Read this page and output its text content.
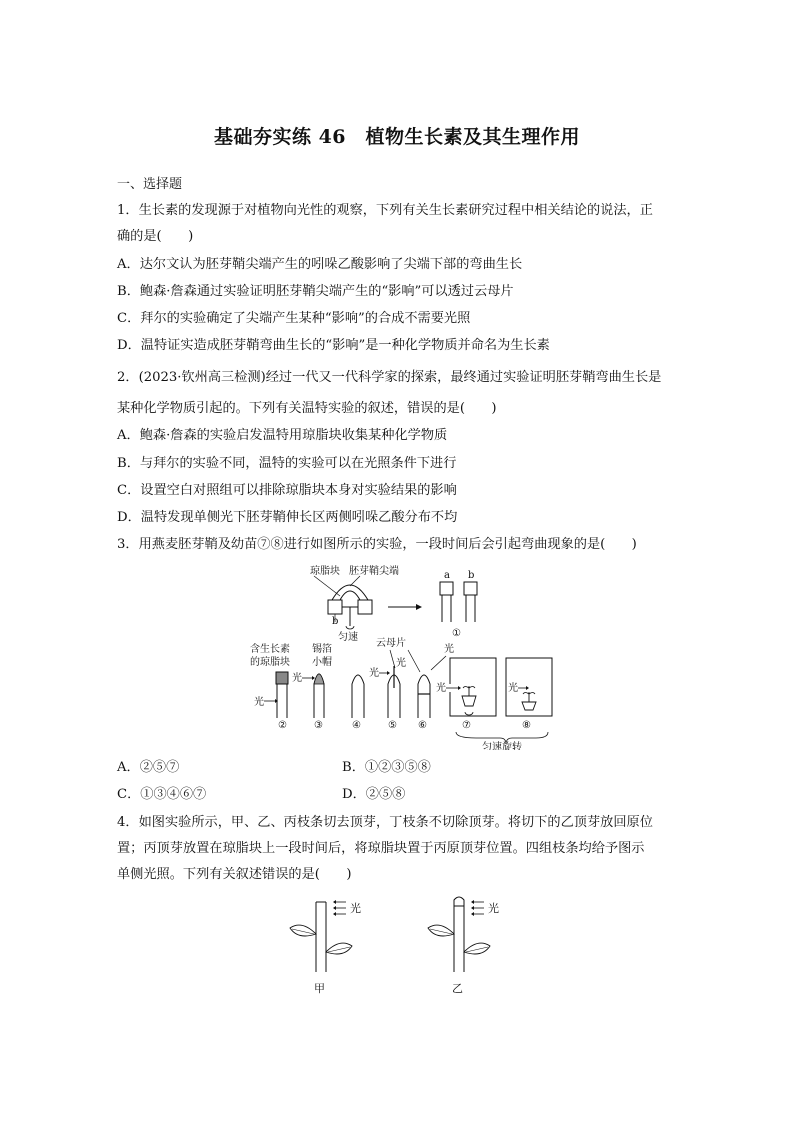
基础夯实练 46　植物生长素及其生理作用
一、选择题
1．生长素的发现源于对植物向光性的观察，下列有关生长素研究过程中相关结论的说法，正
确的是(　　)
A．达尔文认为胚芽鞘尖端产生的吲哚乙酸影响了尖端下部的弯曲生长
B．鲍森·詹森通过实验证明胚芽鞘尖端产生的“影响”可以透过云母片
C．拜尔的实验确定了尖端产生某种“影响”的合成不需要光照
D．温特证实造成胚芽鞘弯曲生长的“影响”是一种化学物质并命名为生长素
2．(2023·钦州高三检测)经过一代又一代科学家的探索，最终通过实验证明胚芽鞘弯曲生长是
某种化学物质引起的。下列有关温特实验的叙述，错误的是(　　)
A．鲍森·詹森的实验启发温特用琼脂块收集某种化学物质
B．与拜尔的实验不同，温特的实验可以在光照条件下进行
C．设置空白对照组可以排除琼脂块本身对实验结果的影响
D．温特发现单侧光下胚芽鞘伸长区两侧吲哚乙酸分布不均
3．用燕麦胚芽鞘及幼苗⑦⑧进行如图所示的实验，一段时间后会引起弯曲现象的是(　　)
琼脂块 胚芽鞘尖端
b
匀速
a b
①
含生长素
的琼脂块
锡箔
小帽
云母片
光
②
光
③	④
光
⑤
光
光
⑥
光
⑦
光
⑧
匀速旋转
A．②⑤⑦	B．①②③⑤⑧
C．①③④⑥⑦	D．②⑤⑧
4．如图实验所示，甲、乙、丙枝条切去顶芽，丁枝条不切除顶芽。将切下的乙顶芽放回原位
置；丙顶芽放置在琼脂块上一段时间后，将琼脂块置于丙原顶芽位置。四组枝条均给予图示
单侧光照。下列有关叙述错误的是(　　)
光
甲
光
乙
